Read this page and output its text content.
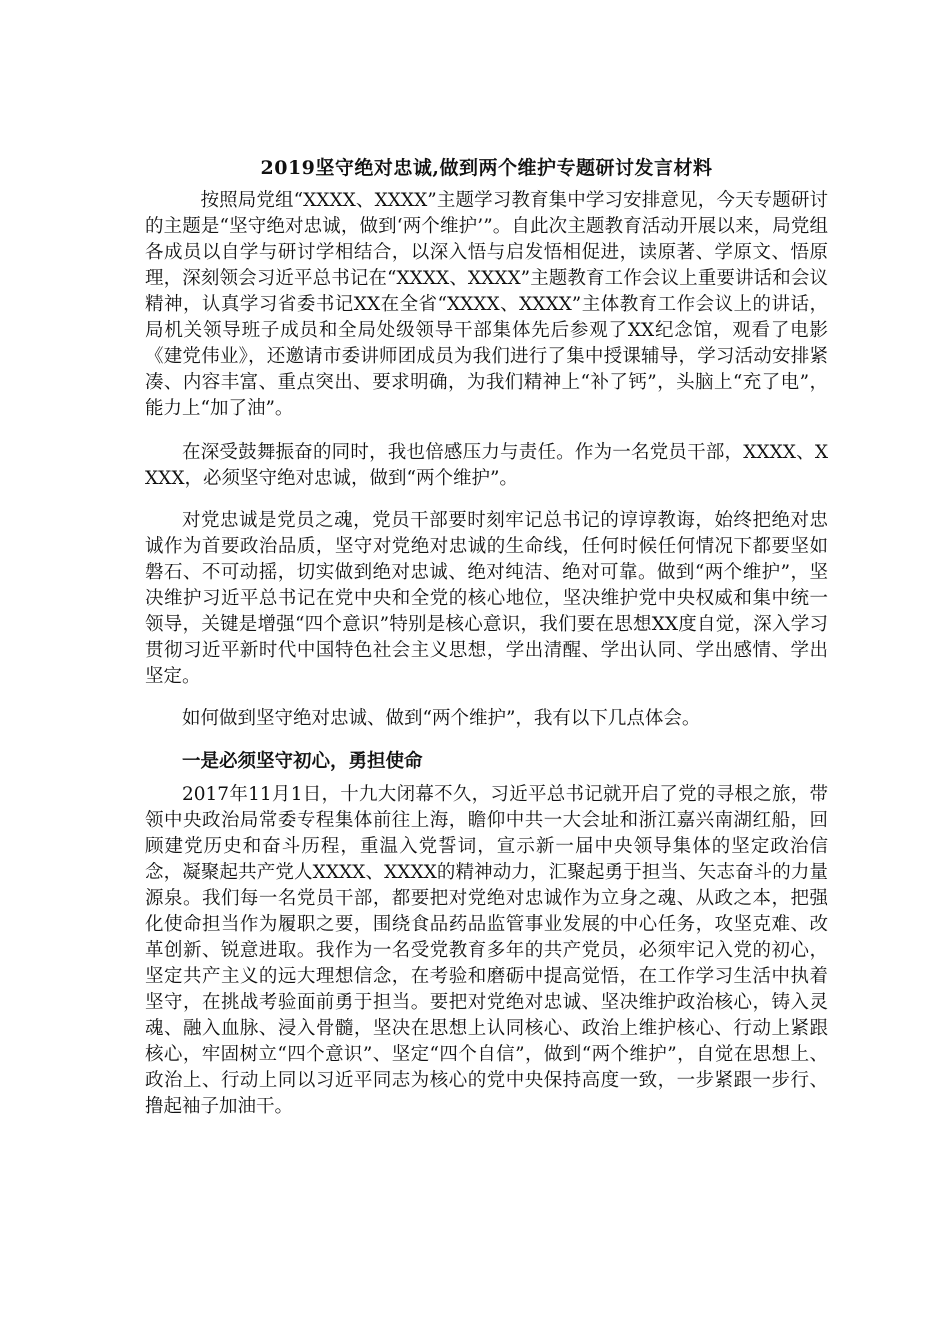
2019坚守绝对忠诚,做到两个维护专题研讨发言材料

按照局党组“XXXX、XXXX”主题学习教育集中学习安排意见，今天专题研讨的主题是“坚守绝对忠诚，做到‘两个维护’”。自此次主题教育活动开展以来，局党组各成员以自学与研讨学相结合，以深入悟与启发悟相促进，读原著、学原文、悟原理，深刻领会习近平总书记在“XXXX、XXXX”主题教育工作会议上重要讲话和会议精神，认真学习省委书记XX在全省“XXXX、XXXX”主体教育工作会议上的讲话，局机关领导班子成员和全局处级领导干部集体先后参观了XX纪念馆，观看了电影《建党伟业》，还邀请市委讲师团成员为我们进行了集中授课辅导，学习活动安排紧凑、内容丰富、重点突出、要求明确，为我们精神上“补了钙”，头脑上“充了电”，能力上“加了油”。

在深受鼓舞振奋的同时，我也倍感压力与责任。作为一名党员干部，XXXX、XXXX，必须坚守绝对忠诚，做到“两个维护”。

对党忠诚是党员之魂，党员干部要时刻牢记总书记的谆谆教诲，始终把绝对忠诚作为首要政治品质，坚守对党绝对忠诚的生命线，任何时候任何情况下都要坚如磐石、不可动摇，切实做到绝对忠诚、绝对纯洁、绝对可靠。做到“两个维护”，坚决维护习近平总书记在党中央和全党的核心地位，坚决维护党中央权威和集中统一领导，关键是增强“四个意识”特别是核心意识，我们要在思想XX度自觉，深入学习贯彻习近平新时代中国特色社会主义思想，学出清醒、学出认同、学出感情、学出坚定。

如何做到坚守绝对忠诚、做到“两个维护”，我有以下几点体会。

一是必须坚守初心，勇担使命

2017年11月1日，十九大闭幕不久，习近平总书记就开启了党的寻根之旅，带领中央政治局常委专程集体前往上海，瞻仰中共一大会址和浙江嘉兴南湖红船，回顾建党历史和奋斗历程，重温入党誓词，宣示新一届中央领导集体的坚定政治信念，凝聚起共产党人XXXX、XXXX的精神动力，汇聚起勇于担当、矢志奋斗的力量源泉。我们每一名党员干部，都要把对党绝对忠诚作为立身之魂、从政之本，把强化使命担当作为履职之要，围绕食品药品监管事业发展的中心任务，攻坚克难、改革创新、锐意进取。我作为一名受党教育多年的共产党员，必须牢记入党的初心，坚定共产主义的远大理想信念，在考验和磨砺中提高觉悟，在工作学习生活中执着坚守，在挑战考验面前勇于担当。要把对党绝对忠诚、坚决维护政治核心，铸入灵魂、融入血脉、浸入骨髓，坚决在思想上认同核心、政治上维护核心、行动上紧跟核心，牢固树立“四个意识”、坚定“四个自信”，做到“两个维护”，自觉在思想上、政治上、行动上同以习近平同志为核心的党中央保持高度一致，一步紧跟一步行、撸起袖子加油干。
